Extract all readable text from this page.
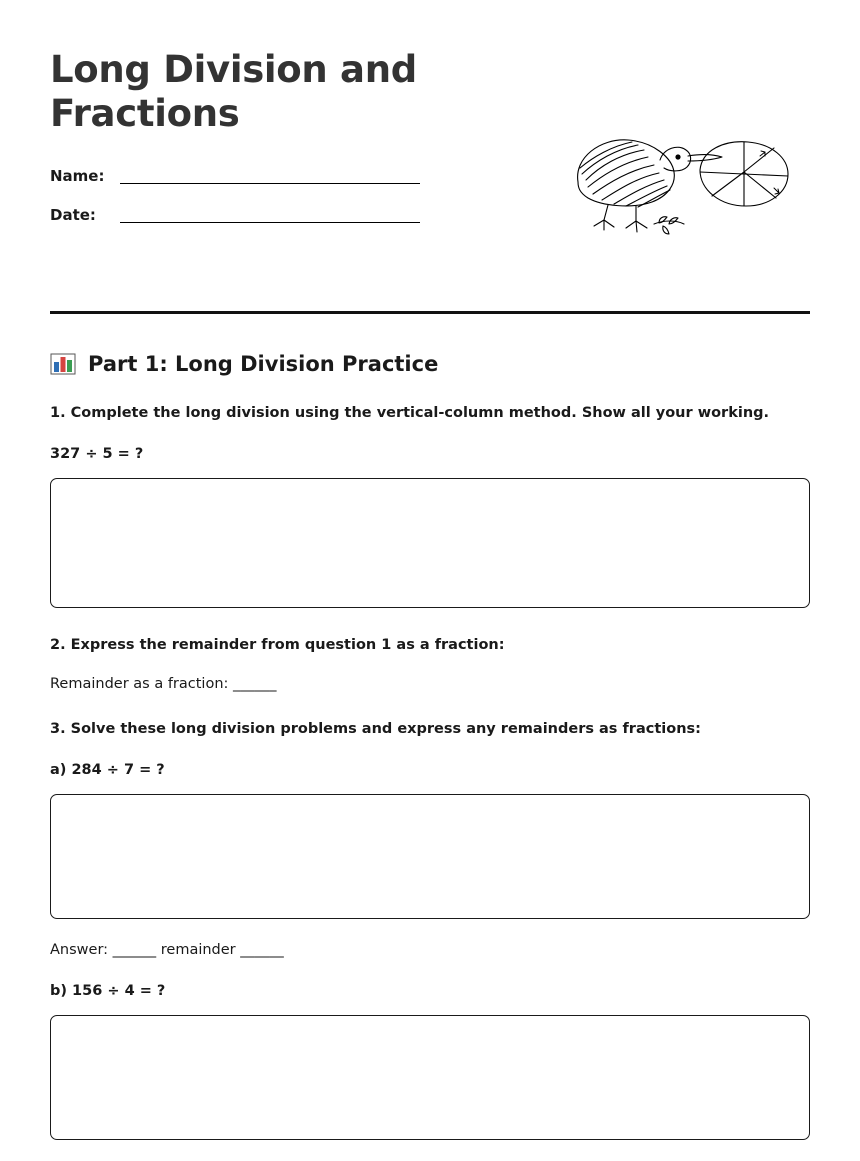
Long Division and Fractions
Name:
Date:
Part 1: Long Division Practice
1. Complete the long division using the vertical-column method. Show all your working.
327 ÷ 5 = ?
2. Express the remainder from question 1 as a fraction:
Remainder as a fraction: ______
3. Solve these long division problems and express any remainders as fractions:
a) 284 ÷ 7 = ?
Answer: ______ remainder ______
b) 156 ÷ 4 = ?
